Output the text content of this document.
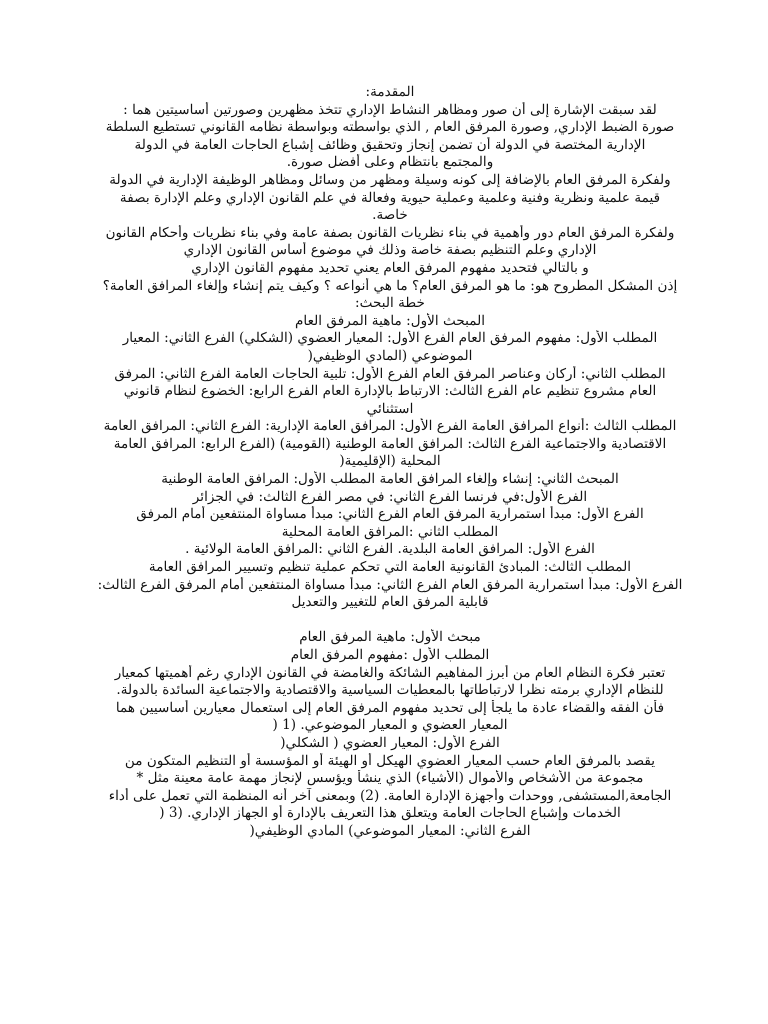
المقدمة:
لقد سبقت الإشارة إلى أن صور ومظاهر النشاط الإداري تتخذ مظهرين وصورتين أساسيتين هما :
صورة الضبط الإداري, وصورة المرفق العام , الذي بواسطته وبواسطة نظامه القانوني تستطيع السلطة
الإدارية المختصة في الدولة أن تضمن إنجاز وتحقيق وظائف إشباع الحاجات العامة في الدولة
والمجتمع بانتظام وعلى أفضل صورة.
ولفكرة المرفق العام بالإضافة إلى كونه وسيلة ومظهر من وسائل ومظاهر الوظيفة الإدارية في الدولة
قيمة علمية ونظرية وفنية وعلمية وعملية حيوية وفعالة في علم القانون الإداري وعلم الإدارة بصفة
خاصة.
ولفكرة المرفق العام دور وأهمية في بناء نظريات القانون بصفة عامة وفي بناء نظريات وأحكام القانون
الإداري وعلم التنظيم بصفة خاصة وذلك في موضوع أساس القانون الإداري
و بالتالي فتحديد مفهوم المرفق العام يعني تحديد مفهوم القانون الإداري
إذن المشكل المطروح هو: ما هو المرفق العام؟ ما هي أنواعه ؟ وكيف يتم إنشاء وإلغاء المرافق العامة؟
خطة البحث:
المبحث الأول: ماهية المرفق العام
المطلب الأول: مفهوم المرفق العام الفرع الأول: المعيار العضوي (الشكلي) الفرع الثاني: المعيار
الموضوعي (المادي الوظيفي(
المطلب الثاني: أركان وعناصر المرفق العام الفرع الأول: تلبية الحاجات العامة الفرع الثاني: المرفق
العام مشروع تنظيم عام الفرع الثالث: الارتباط بالإدارة العام الفرع الرابع: الخضوع لنظام قانوني
استثنائي
المطلب الثالث :أنواع المرافق العامة الفرع الأول: المرافق العامة الإدارية: الفرع الثاني: المرافق العامة
الاقتصادية والاجتماعية الفرع الثالث: المرافق العامة الوطنية (القومية) (الفرع الرابع: المرافق العامة
المحلية (الإقليمية(
المبحث الثاني: إنشاء وإلغاء المرافق العامة المطلب الأول: المرافق العامة الوطنية
الفرع الأول:في فرنسا الفرع الثاني: في مصر الفرع الثالث: في الجزائر
الفرع الأول: مبدأ استمرارية المرفق العام الفرع الثاني: مبدأ مساواة المنتفعين أمام المرفق
المطلب الثاني :المرافق العامة المحلية
الفرع الأول: المرافق العامة البلدية. الفرع الثاني :المرافق العامة الولائية .
المطلب الثالث: المبادئ القانونية العامة التي تحكم عملية تنظيم وتسيير المرافق العامة
الفرع الأول: مبدأ استمرارية المرفق العام الفرع الثاني: مبدأ مساواة المنتفعين أمام المرفق الفرع الثالث:
قابلية المرفق العام للتغيير والتعديل
مبحث الأول: ماهية المرفق العام
المطلب الأول :مفهوم المرفق العام
تعتبر فكرة النظام العام من أبرز المفاهيم الشائكة والغامضة في القانون الإداري رغم أهميتها كمعيار
للنظام الإداري برمته نظرا لارتباطاتها بالمعطيات السياسية والاقتصادية والاجتماعية السائدة بالدولة.
فأن الفقه والقضاء عادة ما يلجأ إلى تحديد مفهوم المرفق العام إلى استعمال معيارين أساسيين هما
المعيار العضوي و المعيار الموضوعي. (1 (
الفرع الأول: المعيار العضوي ( الشكلي(
يقصد بالمرفق العام حسب المعيار العضوي الهيكل أو الهيئة أو المؤسسة أو التنظيم المتكون من
مجموعة من الأشخاص والأموال (الأشياء) الذي ينشأ ويؤسس لإنجاز مهمة عامة معينة مثل *
الجامعة,المستشفى, ووحدات وأجهزة الإدارة العامة. (2) وبمعنى آخر أنه المنظمة التي تعمل على أداء
الخدمات وإشباع الحاجات العامة ويتعلق هذا التعريف بالإدارة أو الجهاز الإداري. (3 (
الفرع الثاني: المعيار الموضوعي) المادي الوظيفي(
